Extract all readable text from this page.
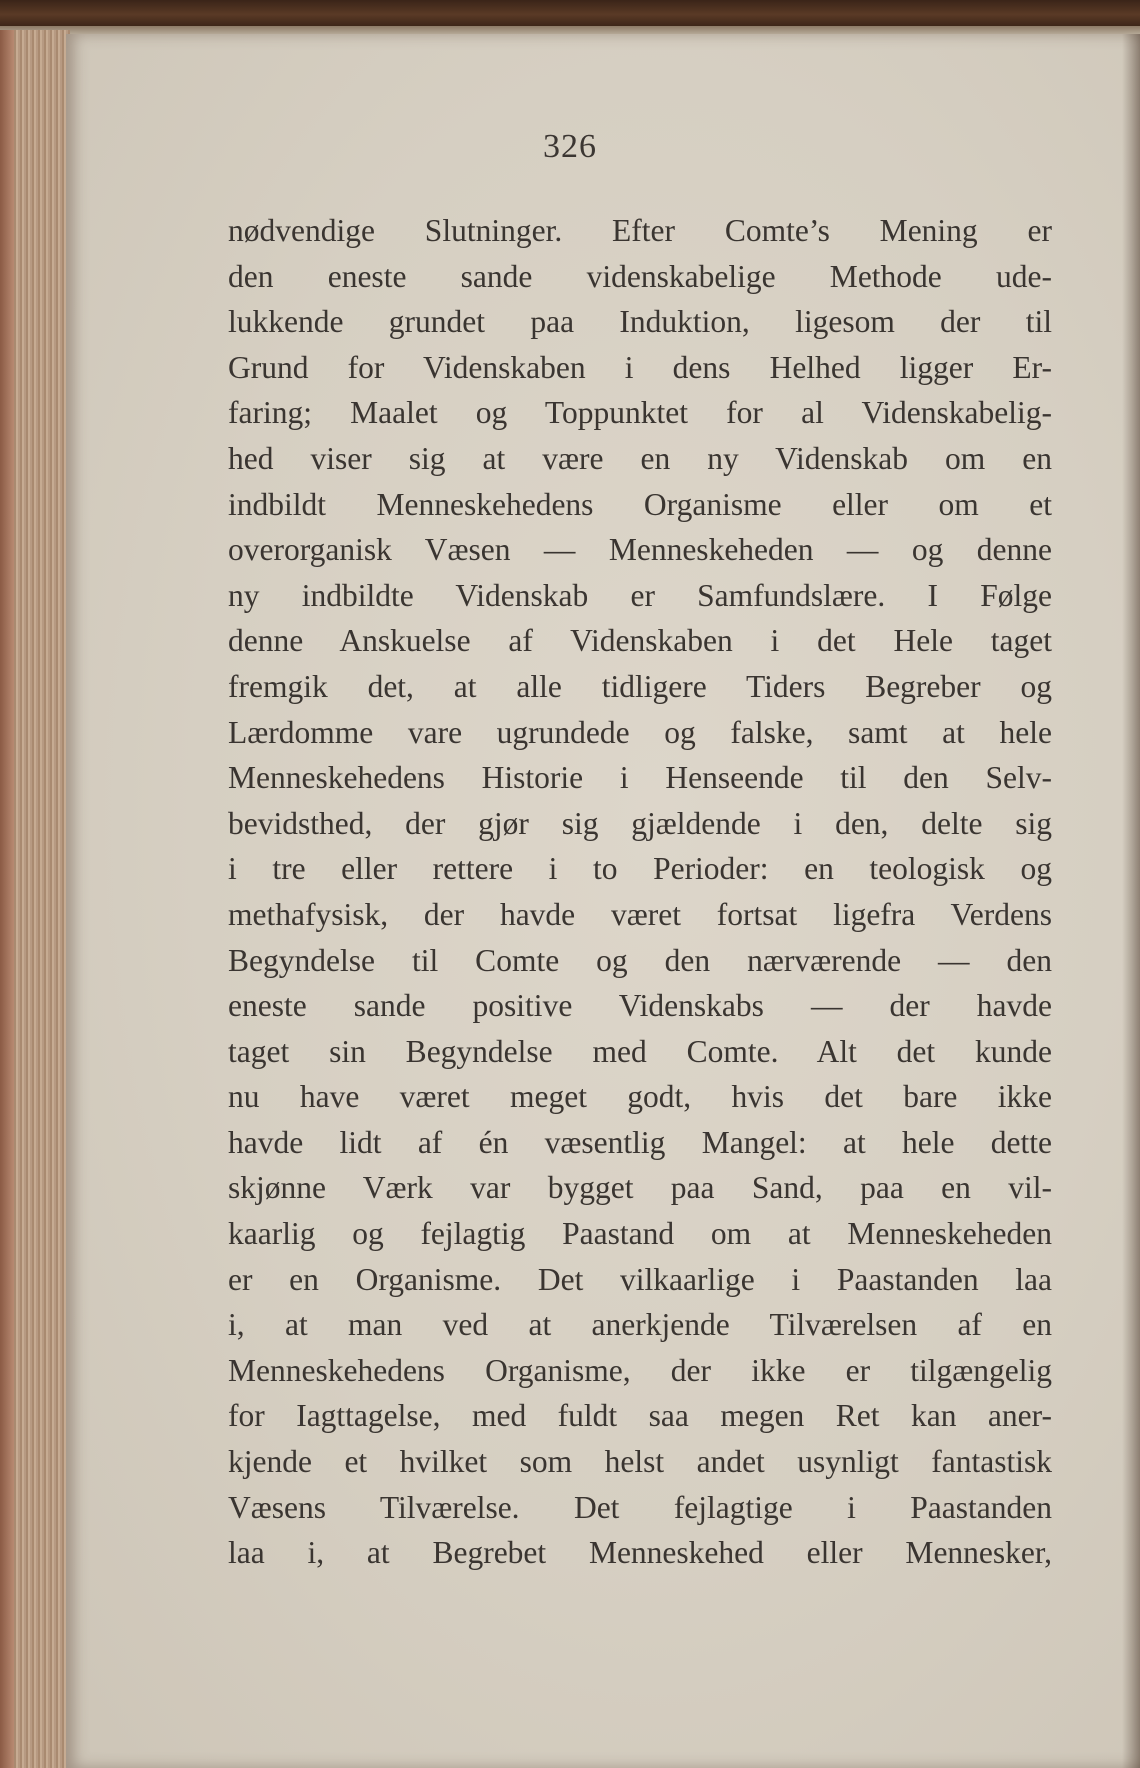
326
nødvendige Slutninger. Efter Comte’s Mening er
den eneste sande videnskabelige Methode ude-
lukkende grundet paa Induktion, ligesom der til
Grund for Videnskaben i dens Helhed ligger Er-
faring; Maalet og Toppunktet for al Videnskabelig-
hed viser sig at være en ny Videnskab om en
indbildt Menneskehedens Organisme eller om et
overorganisk Væsen — Menneskeheden — og denne
ny indbildte Videnskab er Samfundslære. I Følge
denne Anskuelse af Videnskaben i det Hele taget
fremgik det, at alle tidligere Tiders Begreber og
Lærdomme vare ugrundede og falske, samt at hele
Menneskehedens Historie i Henseende til den Selv-
bevidsthed, der gjør sig gjældende i den, delte sig
i tre eller rettere i to Perioder: en teologisk og
methafysisk, der havde været fortsat ligefra Verdens
Begyndelse til Comte og den nærværende — den
eneste sande positive Videnskabs — der havde
taget sin Begyndelse med Comte. Alt det kunde
nu have været meget godt, hvis det bare ikke
havde lidt af én væsentlig Mangel: at hele dette
skjønne Værk var bygget paa Sand, paa en vil-
kaarlig og fejlagtig Paastand om at Menneskeheden
er en Organisme. Det vilkaarlige i Paastanden laa
i, at man ved at anerkjende Tilværelsen af en
Menneskehedens Organisme, der ikke er tilgængelig
for Iagttagelse, med fuldt saa megen Ret kan aner-
kjende et hvilket som helst andet usynligt fantastisk
Væsens Tilværelse. Det fejlagtige i Paastanden
laa i, at Begrebet Menneskehed eller Mennesker,
